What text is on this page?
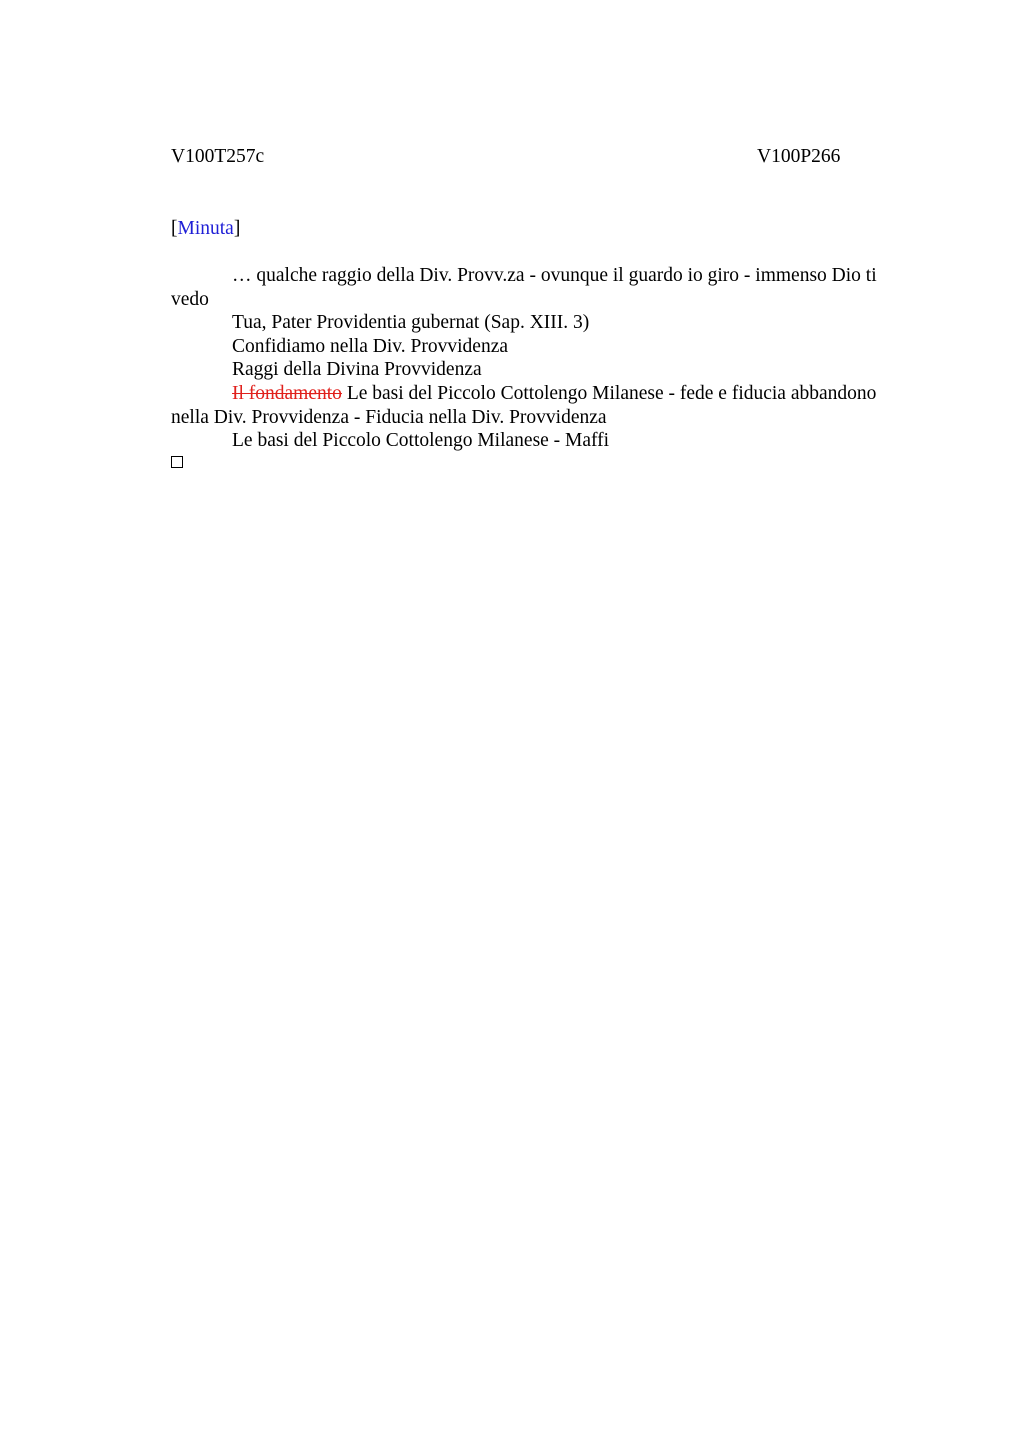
V100T257c	V100P266
[Minuta]

… qualche raggio della Div. Provv.za - ovunque il guardo io giro - immenso Dio ti vedo

Tua, Pater Providentia gubernat (Sap. XIII. 3)

Confidiamo nella Div. Provvidenza

Raggi della Divina Provvidenza

Il fondamento Le basi del Piccolo Cottolengo Milanese - fede e fiducia abbandono nella Div. Provvidenza - Fiducia nella Div. Provvidenza

Le basi del Piccolo Cottolengo Milanese - Maffi
